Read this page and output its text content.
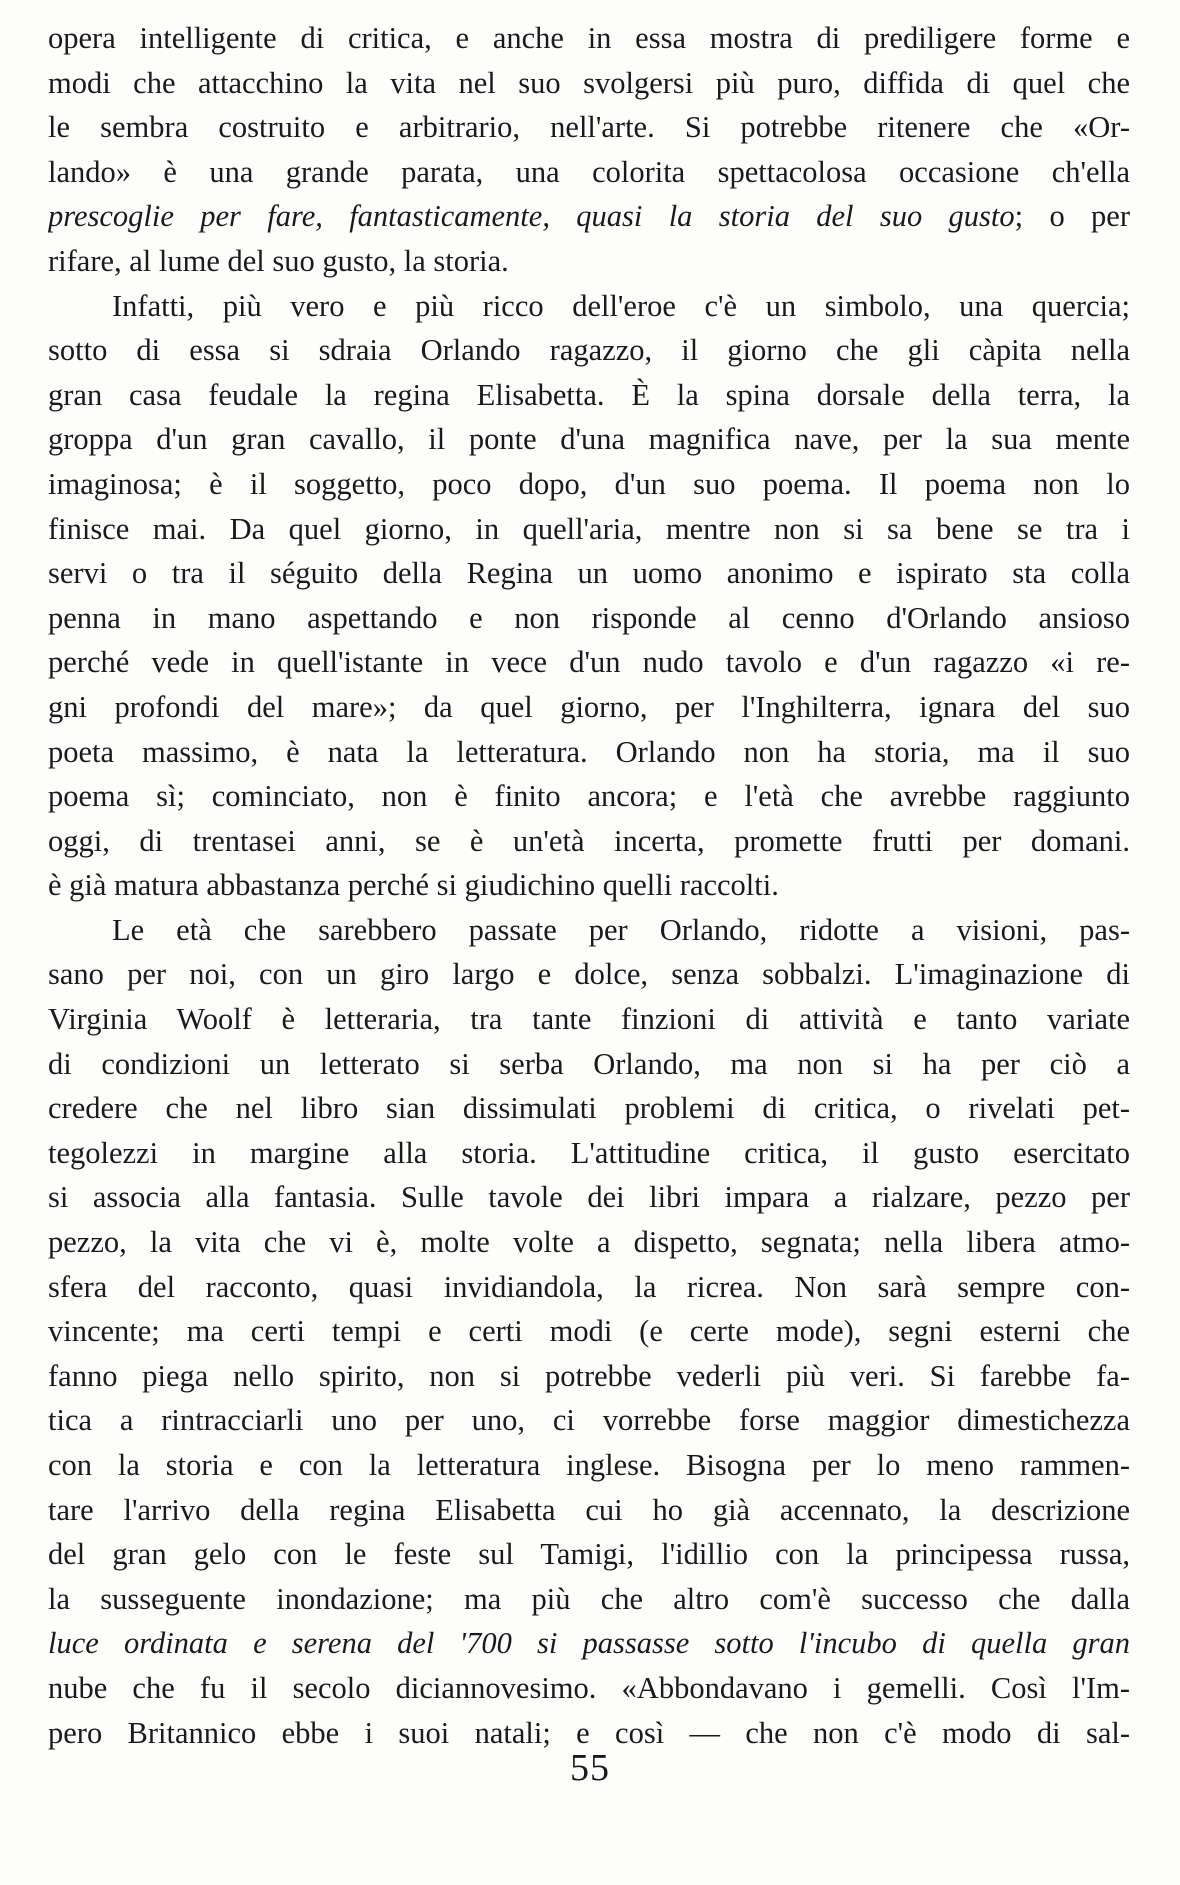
opera intelligente di critica, e anche in essa mostra di prediligere forme e
modi che attacchino la vita nel suo svolgersi più puro, diffida di quel che
le sembra costruito e arbitrario, nell'arte. Si potrebbe ritenere che «Or-
lando» è una grande parata, una colorita spettacolosa occasione ch'ella
prescoglie per fare, fantasticamente, quasi la storia del suo gusto; o per
rifare, al lume del suo gusto, la storia.
Infatti, più vero e più ricco dell'eroe c'è un simbolo, una quercia;
sotto di essa si sdraia Orlando ragazzo, il giorno che gli càpita nella
gran casa feudale la regina Elisabetta. È la spina dorsale della terra, la
groppa d'un gran cavallo, il ponte d'una magnifica nave, per la sua mente
imaginosa; è il soggetto, poco dopo, d'un suo poema. Il poema non lo
finisce mai. Da quel giorno, in quell'aria, mentre non si sa bene se tra i
servi o tra il séguito della Regina un uomo anonimo e ispirato sta colla
penna in mano aspettando e non risponde al cenno d'Orlando ansioso
perché vede in quell'istante in vece d'un nudo tavolo e d'un ragazzo «i re-
gni profondi del mare»; da quel giorno, per l'Inghilterra, ignara del suo
poeta massimo, è nata la letteratura. Orlando non ha storia, ma il suo
poema sì; cominciato, non è finito ancora; e l'età che avrebbe raggiunto
oggi, di trentasei anni, se è un'età incerta, promette frutti per domani.
è già matura abbastanza perché si giudichino quelli raccolti.
Le età che sarebbero passate per Orlando, ridotte a visioni, pas-
sano per noi, con un giro largo e dolce, senza sobbalzi. L'imaginazione di
Virginia Woolf è letteraria, tra tante finzioni di attività e tanto variate
di condizioni un letterato si serba Orlando, ma non si ha per ciò a
credere che nel libro sian dissimulati problemi di critica, o rivelati pet-
tegolezzi in margine alla storia. L'attitudine critica, il gusto esercitato
si associa alla fantasia. Sulle tavole dei libri impara a rialzare, pezzo per
pezzo, la vita che vi è, molte volte a dispetto, segnata; nella libera atmo-
sfera del racconto, quasi invidiandola, la ricrea. Non sarà sempre con-
vincente; ma certi tempi e certi modi (e certe mode), segni esterni che
fanno piega nello spirito, non si potrebbe vederli più veri. Si farebbe fa-
tica a rintracciarli uno per uno, ci vorrebbe forse maggior dimestichezza
con la storia e con la letteratura inglese. Bisogna per lo meno rammen-
tare l'arrivo della regina Elisabetta cui ho già accennato, la descrizione
del gran gelo con le feste sul Tamigi, l'idillio con la principessa russa,
la susseguente inondazione; ma più che altro com'è successo che dalla
luce ordinata e serena del '700 si passasse sotto l'incubo di quella gran
nube che fu il secolo diciannovesimo. «Abbondavano i gemelli. Così l'Im-
pero Britannico ebbe i suoi natali; e così — che non c'è modo di sal-
55
